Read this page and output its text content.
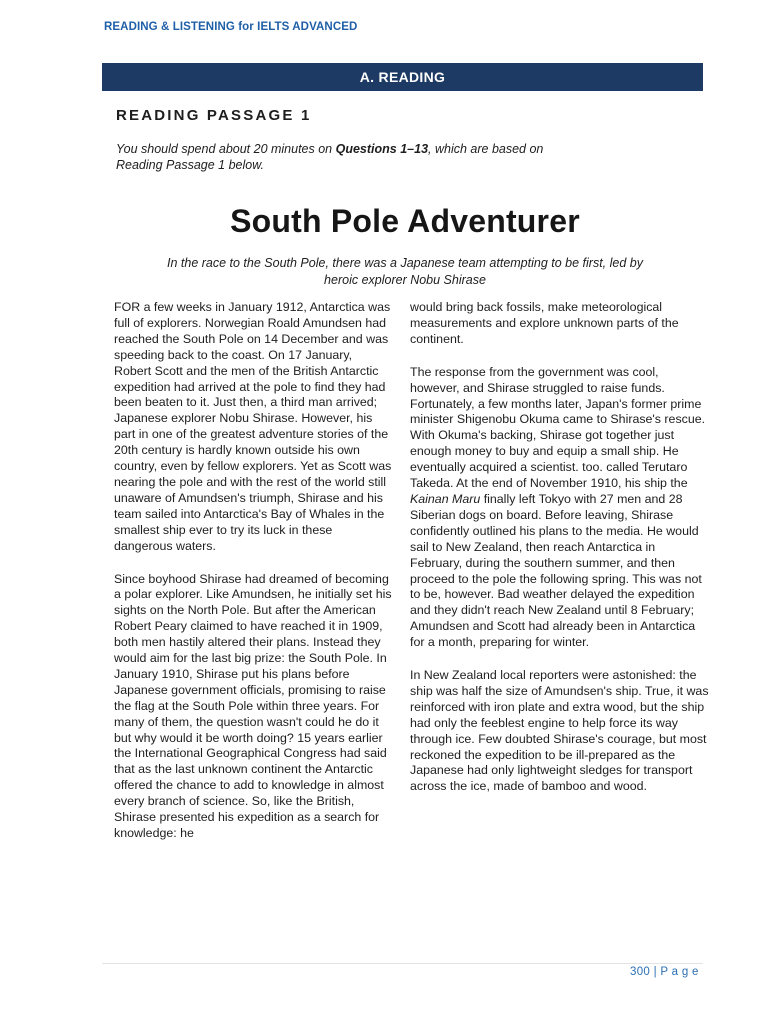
READING & LISTENING for IELTS ADVANCED
A. READING
READING PASSAGE 1
You should spend about 20 minutes on Questions 1–13, which are based on Reading Passage 1 below.
South Pole Adventurer
In the race to the South Pole, there was a Japanese team attempting to be first, led by heroic explorer Nobu Shirase

FOR a few weeks in January 1912, Antarctica was full of explorers. Norwegian Roald Amundsen had reached the South Pole on 14 December and was speeding back to the coast. On 17 January, Robert Scott and the men of the British Antarctic expedition had arrived at the pole to find they had been beaten to it. Just then, a third man arrived; Japanese explorer Nobu Shirase. However, his part in one of the greatest adventure stories of the 20th century is hardly known outside his own country, even by fellow explorers. Yet as Scott was nearing the pole and with the rest of the world still unaware of Amundsen's triumph, Shirase and his team sailed into Antarctica's Bay of Whales in the smallest ship ever to try its luck in these dangerous waters.

Since boyhood Shirase had dreamed of becoming a polar explorer. Like Amundsen, he initially set his sights on the North Pole. But after the American Robert Peary claimed to have reached it in 1909, both men hastily altered their plans. Instead they would aim for the last big prize: the South Pole. In January 1910, Shirase put his plans before Japanese government officials, promising to raise the flag at the South Pole within three years. For many of them, the question wasn't could he do it but why would it be worth doing? 15 years earlier the International Geographical Congress had said that as the last unknown continent the Antarctic offered the chance to add to knowledge in almost every branch of science. So, like the British, Shirase presented his expedition as a search for knowledge: he

would bring back fossils, make meteorological measurements and explore unknown parts of the continent.

The response from the government was cool, however, and Shirase struggled to raise funds. Fortunately, a few months later, Japan's former prime minister Shigenobu Okuma came to Shirase's rescue. With Okuma's backing, Shirase got together just enough money to buy and equip a small ship. He eventually acquired a scientist. too. called Terutaro Takeda. At the end of November 1910, his ship the Kainan Maru finally left Tokyo with 27 men and 28 Siberian dogs on board. Before leaving, Shirase confidently outlined his plans to the media. He would sail to New Zealand, then reach Antarctica in February, during the southern summer, and then proceed to the pole the following spring. This was not to be, however. Bad weather delayed the expedition and they didn't reach New Zealand until 8 February; Amundsen and Scott had already been in Antarctica for a month, preparing for winter.

In New Zealand local reporters were astonished: the ship was half the size of Amundsen's ship. True, it was reinforced with iron plate and extra wood, but the ship had only the feeblest engine to help force its way through ice. Few doubted Shirase's courage, but most reckoned the expedition to be ill-prepared as the Japanese had only lightweight sledges for transport across the ice, made of bamboo and wood.

300 | P a g e
